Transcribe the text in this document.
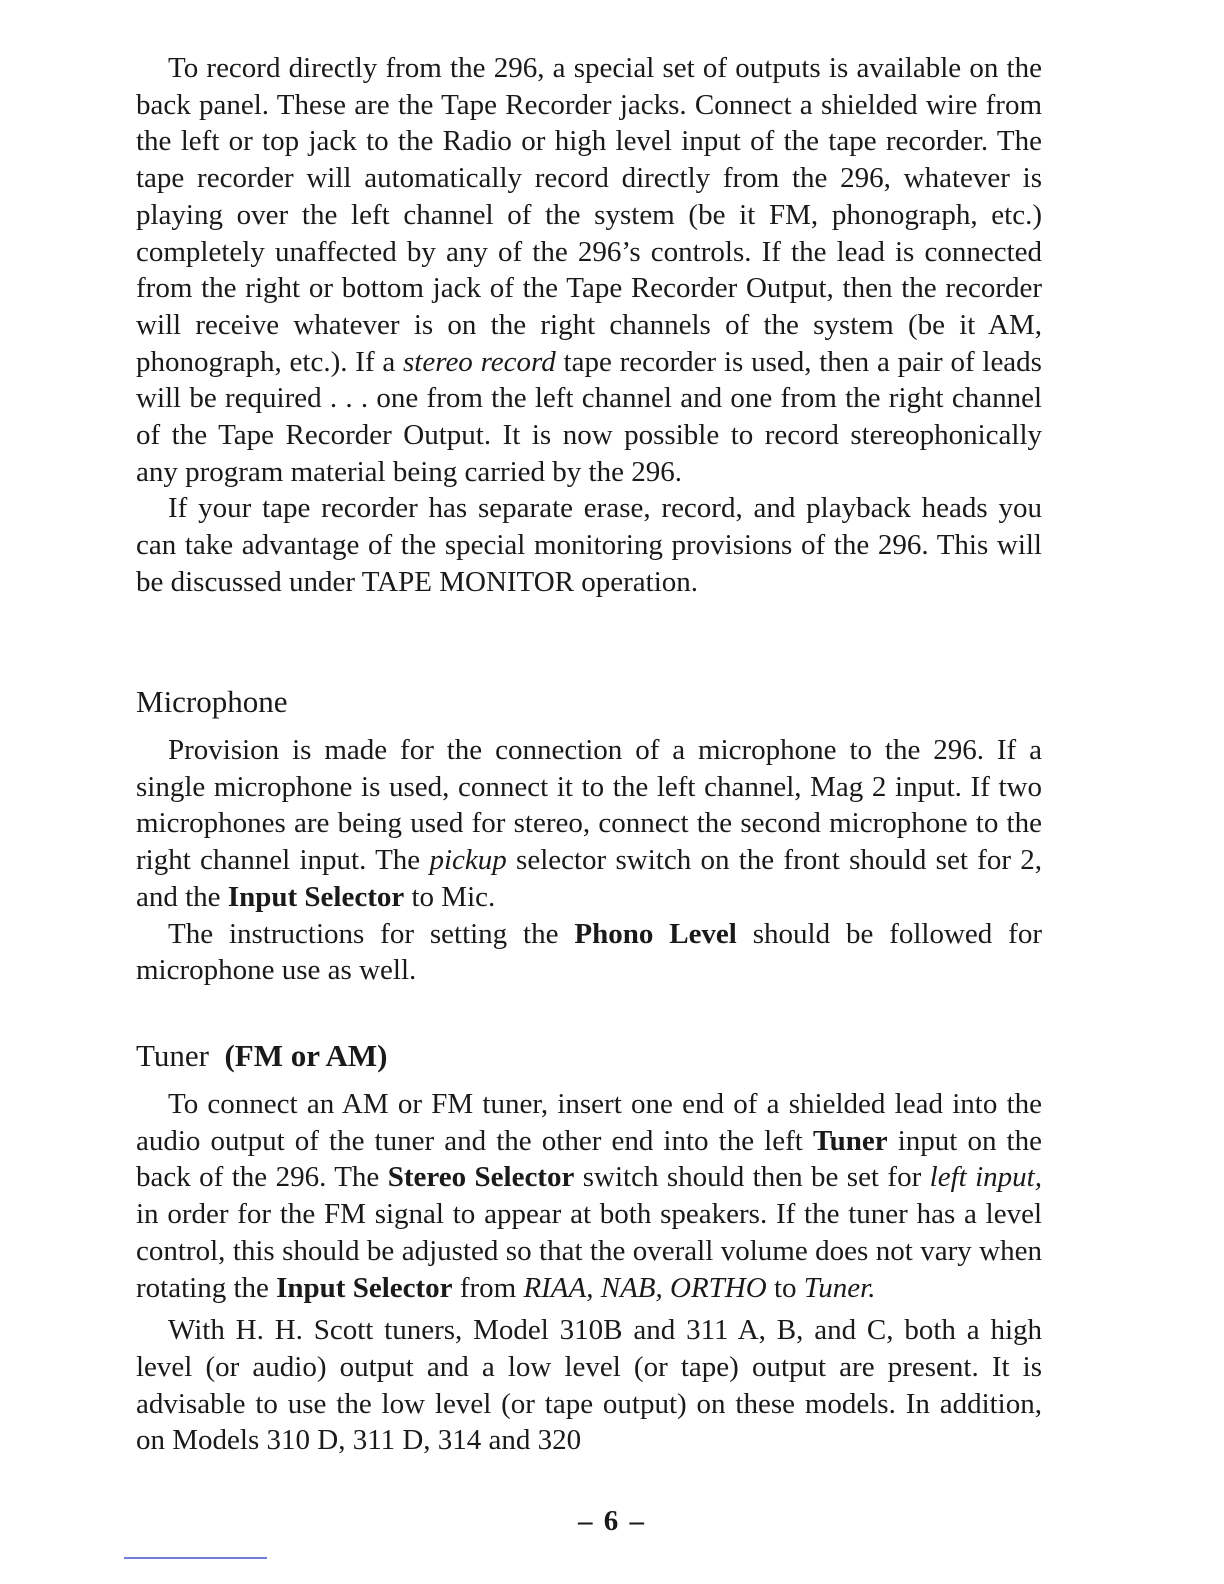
To record directly from the 296, a special set of outputs is available on the back panel. These are the Tape Recorder jacks. Connect a shielded wire from the left or top jack to the Radio or high level input of the tape recorder. The tape recorder will automatically record directly from the 296, whatever is playing over the left channel of the system (be it FM, phonograph, etc.) completely unaffected by any of the 296’s controls. If the lead is connected from the right or bottom jack of the Tape Recorder Output, then the recorder will receive whatever is on the right channels of the system (be it AM, phonograph, etc.). If a stereo record tape recorder is used, then a pair of leads will be required . . . one from the left channel and one from the right channel of the Tape Recorder Output. It is now possible to record stereophonically any program material being carried by the 296.

If your tape recorder has separate erase, record, and playback heads you can take advantage of the special monitoring provisions of the 296. This will be discussed under TAPE MONITOR operation.

Microphone

Provision is made for the connection of a microphone to the 296. If a single microphone is used, connect it to the left channel, Mag 2 input. If two microphones are being used for stereo, connect the second microphone to the right channel input. The pickup selector switch on the front should set for 2, and the Input Selector to Mic.

The instructions for setting the Phono Level should be followed for microphone use as well.

Tuner (FM or AM)

To connect an AM or FM tuner, insert one end of a shielded lead into the audio output of the tuner and the other end into the left Tuner input on the back of the 296. The Stereo Selector switch should then be set for left input, in order for the FM signal to appear at both speakers. If the tuner has a level control, this should be adjusted so that the overall volume does not vary when rotating the Input Selector from RIAA, NAB, ORTHO to Tuner.

With H. H. Scott tuners, Model 310B and 311 A, B, and C, both a high level (or audio) output and a low level (or tape) output are present. It is advisable to use the low level (or tape output) on these models. In addition, on Models 310 D, 311 D, 314 and 320

– 6 –
